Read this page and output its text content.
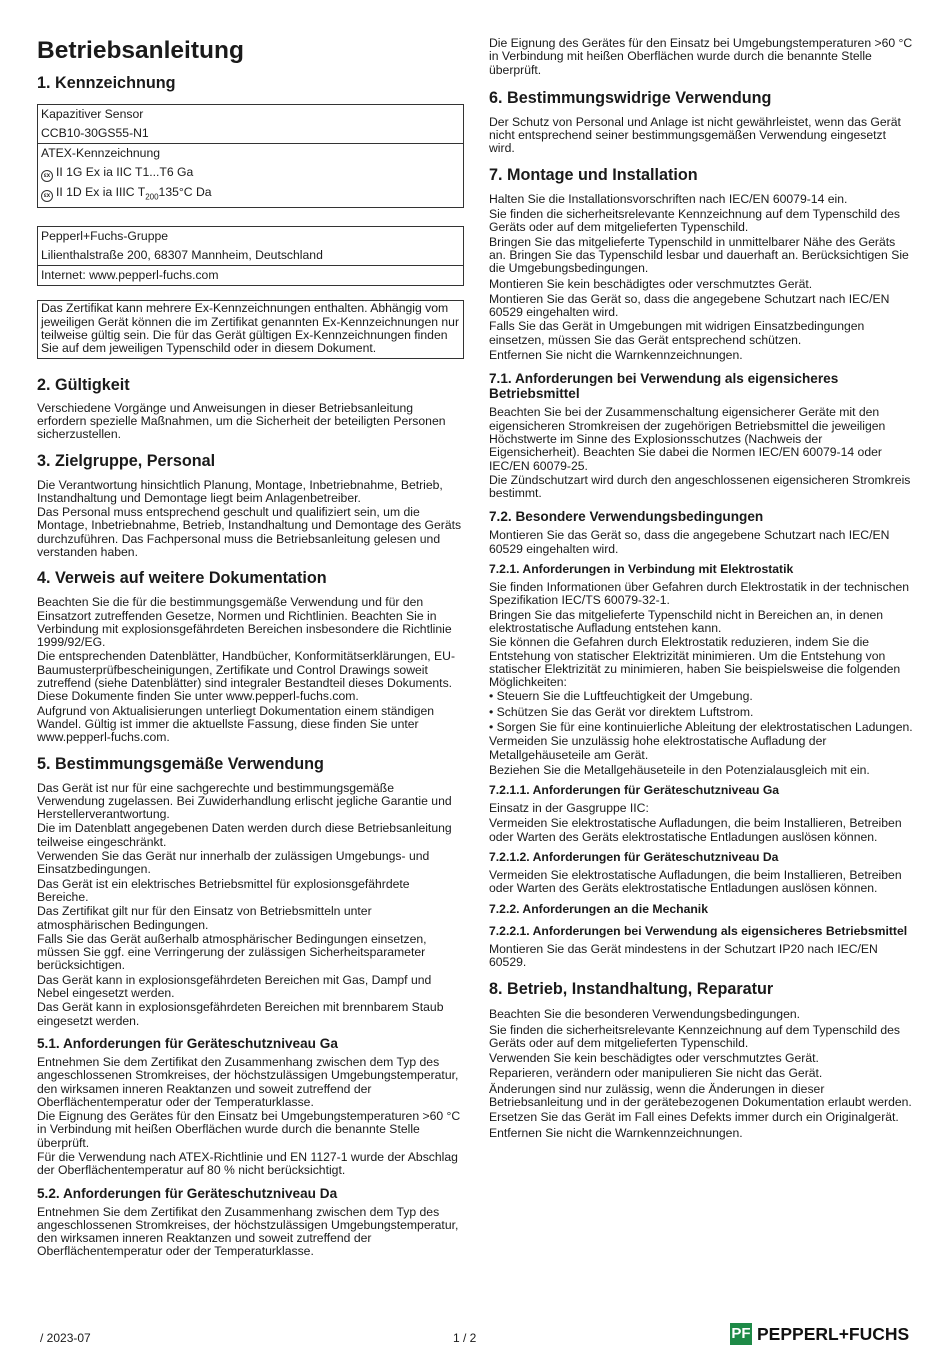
Betriebsanleitung
1. Kennzeichnung
Kapazitiver Sensor
CCB10-30GS55-N1
ATEX-Kennzeichnung
εx II 1G Ex ia IIC T1...T6 Ga
εx II 1D Ex ia IIIC $T_{200}135^\circ C$ Da
Pepperl+Fuchs-Gruppe
Lilienthalstraße 200, 68307 Mannheim, Deutschland
Internet: www.pepperl-fuchs.com
Das Zertifikat kann mehrere Ex-Kennzeichnungen enthalten. Abhängig vom jeweiligen Gerät können die im Zertifikat genannten Ex-Kennzeichnungen nur teilweise gültig sein. Die für das Gerät gültigen Ex-Kennzeichnungen finden Sie auf dem jeweiligen Typenschild oder in diesem Dokument.
2. Gültigkeit

Verschiedene Vorgänge und Anweisungen in dieser Betriebsanleitung erfordern spezielle Maßnahmen, um die Sicherheit der beteiligten Personen sicherzustellen.

3. Zielgruppe, Personal

Die Verantwortung hinsichtlich Planung, Montage, Inbetriebnahme, Betrieb, Instandhaltung und Demontage liegt beim Anlagenbetreiber.

Das Personal muss entsprechend geschult und qualifiziert sein, um die Montage, Inbetriebnahme, Betrieb, Instandhaltung und Demontage des Geräts durchzuführen. Das Fachpersonal muss die Betriebsanleitung gelesen und verstanden haben.

4. Verweis auf weitere Dokumentation

Beachten Sie die für die bestimmungsgemäße Verwendung und für den Einsatzort zutreffenden Gesetze, Normen und Richtlinien. Beachten Sie in Verbindung mit explosionsgefährdeten Bereichen insbesondere die Richtlinie 1999/92/EG.

Die entsprechenden Datenblätter, Handbücher, Konformitätserklärungen, EU-Baumusterprüfbescheinigungen, Zertifikate und Control Drawings soweit zutreffend (siehe Datenblätter) sind integraler Bestandteil dieses Dokuments. Diese Dokumente finden Sie unter www.pepperl-fuchs.com.

Aufgrund von Aktualisierungen unterliegt Dokumentation einem ständigen Wandel. Gültig ist immer die aktuellste Fassung, diese finden Sie unter www.pepperl-fuchs.com.

5. Bestimmungsgemäße Verwendung

Das Gerät ist nur für eine sachgerechte und bestimmungsgemäße Verwendung zugelassen. Bei Zuwiderhandlung erlischt jegliche Garantie und Herstellerverantwortung.

Die im Datenblatt angegebenen Daten werden durch diese Betriebsanleitung teilweise eingeschränkt.

Verwenden Sie das Gerät nur innerhalb der zulässigen Umgebungs- und Einsatzbedingungen.

Das Gerät ist ein elektrisches Betriebsmittel für explosionsgefährdete Bereiche.

Das Zertifikat gilt nur für den Einsatz von Betriebsmitteln unter atmosphärischen Bedingungen.

Falls Sie das Gerät außerhalb atmosphärischer Bedingungen einsetzen, müssen Sie ggf. eine Verringerung der zulässigen Sicherheitsparameter berücksichtigen.

Das Gerät kann in explosionsgefährdeten Bereichen mit Gas, Dampf und Nebel eingesetzt werden.

Das Gerät kann in explosionsgefährdeten Bereichen mit brennbarem Staub eingesetzt werden.

5.1. Anforderungen für Geräteschutzniveau Ga

Entnehmen Sie dem Zertifikat den Zusammenhang zwischen dem Typ des angeschlossenen Stromkreises, der höchstzulässigen Umgebungstemperatur, den wirksamen inneren Reaktanzen und soweit zutreffend der Oberflächentemperatur oder der Temperaturklasse.

Die Eignung des Gerätes für den Einsatz bei Umgebungstemperaturen >60 °C in Verbindung mit heißen Oberflächen wurde durch die benannte Stelle überprüft.

Für die Verwendung nach ATEX-Richtlinie und EN 1127-1 wurde der Abschlag der Oberflächentemperatur auf 80 % nicht berücksichtigt.

5.2. Anforderungen für Geräteschutzniveau Da

Entnehmen Sie dem Zertifikat den Zusammenhang zwischen dem Typ des angeschlossenen Stromkreises, der höchstzulässigen Umgebungstemperatur, den wirksamen inneren Reaktanzen und soweit zutreffend der Oberflächentemperatur oder der Temperaturklasse.

Die Eignung des Gerätes für den Einsatz bei Umgebungstemperaturen >60 °C in Verbindung mit heißen Oberflächen wurde durch die benannte Stelle überprüft.

6. Bestimmungswidrige Verwendung

Der Schutz von Personal und Anlage ist nicht gewährleistet, wenn das Gerät nicht entsprechend seiner bestimmungsgemäßen Verwendung eingesetzt wird.

7. Montage und Installation

Halten Sie die Installationsvorschriften nach IEC/EN 60079-14 ein.

Sie finden die sicherheitsrelevante Kennzeichnung auf dem Typenschild des Geräts oder auf dem mitgelieferten Typenschild.

Bringen Sie das mitgelieferte Typenschild in unmittelbarer Nähe des Geräts an. Bringen Sie das Typenschild lesbar und dauerhaft an. Berücksichtigen Sie die Umgebungsbedingungen.

Montieren Sie kein beschädigtes oder verschmutztes Gerät.

Montieren Sie das Gerät so, dass die angegebene Schutzart nach IEC/EN 60529 eingehalten wird.

Falls Sie das Gerät in Umgebungen mit widrigen Einsatzbedingungen einsetzen, müssen Sie das Gerät entsprechend schützen.

Entfernen Sie nicht die Warnkennzeichnungen.

7.1. Anforderungen bei Verwendung als eigensicheres Betriebsmittel

Beachten Sie bei der Zusammenschaltung eigensicherer Geräte mit den eigensicheren Stromkreisen der zugehörigen Betriebsmittel die jeweiligen Höchstwerte im Sinne des Explosionsschutzes (Nachweis der Eigensicherheit). Beachten Sie dabei die Normen IEC/EN 60079-14 oder IEC/EN 60079-25.

Die Zündschutzart wird durch den angeschlossenen eigensicheren Stromkreis bestimmt.

7.2. Besondere Verwendungsbedingungen

Montieren Sie das Gerät so, dass die angegebene Schutzart nach IEC/EN 60529 eingehalten wird.

7.2.1. Anforderungen in Verbindung mit Elektrostatik

Sie finden Informationen über Gefahren durch Elektrostatik in der technischen Spezifikation IEC/TS 60079-32-1.

Bringen Sie das mitgelieferte Typenschild nicht in Bereichen an, in denen elektrostatische Aufladung entstehen kann.

Sie können die Gefahren durch Elektrostatik reduzieren, indem Sie die Entstehung von statischer Elektrizität minimieren. Um die Entstehung von statischer Elektrizität zu minimieren, haben Sie beispielsweise die folgenden Möglichkeiten:

• Steuern Sie die Luftfeuchtigkeit der Umgebung.

• Schützen Sie das Gerät vor direktem Luftstrom.

• Sorgen Sie für eine kontinuierliche Ableitung der elektrostatischen Ladungen.

Vermeiden Sie unzulässig hohe elektrostatische Aufladung der Metallgehäuseteile am Gerät.

Beziehen Sie die Metallgehäuseteile in den Potenzialausgleich mit ein.

7.2.1.1. Anforderungen für Geräteschutzniveau Ga

Einsatz in der Gasgruppe IIC:

Vermeiden Sie elektrostatische Aufladungen, die beim Installieren, Betreiben oder Warten des Geräts elektrostatische Entladungen auslösen können.

7.2.1.2. Anforderungen für Geräteschutzniveau Da

Vermeiden Sie elektrostatische Aufladungen, die beim Installieren, Betreiben oder Warten des Geräts elektrostatische Entladungen auslösen können.

7.2.2. Anforderungen an die Mechanik
7.2.2.1. Anforderungen bei Verwendung als eigensicheres Betriebsmittel

Montieren Sie das Gerät mindestens in der Schutzart IP20 nach IEC/EN 60529.

8. Betrieb, Instandhaltung, Reparatur

Beachten Sie die besonderen Verwendungsbedingungen.

Sie finden die sicherheitsrelevante Kennzeichnung auf dem Typenschild des Geräts oder auf dem mitgelieferten Typenschild.

Verwenden Sie kein beschädigtes oder verschmutztes Gerät.

Reparieren, verändern oder manipulieren Sie nicht das Gerät.

Änderungen sind nur zulässig, wenn die Änderungen in dieser Betriebsanleitung und in der gerätebezogenen Dokumentation erlaubt werden.

Ersetzen Sie das Gerät im Fall eines Defekts immer durch ein Originalgerät.

Entfernen Sie nicht die Warnkennzeichnungen.

/ 2023-07	1 / 2	PF PEPPERL+FUCHS
